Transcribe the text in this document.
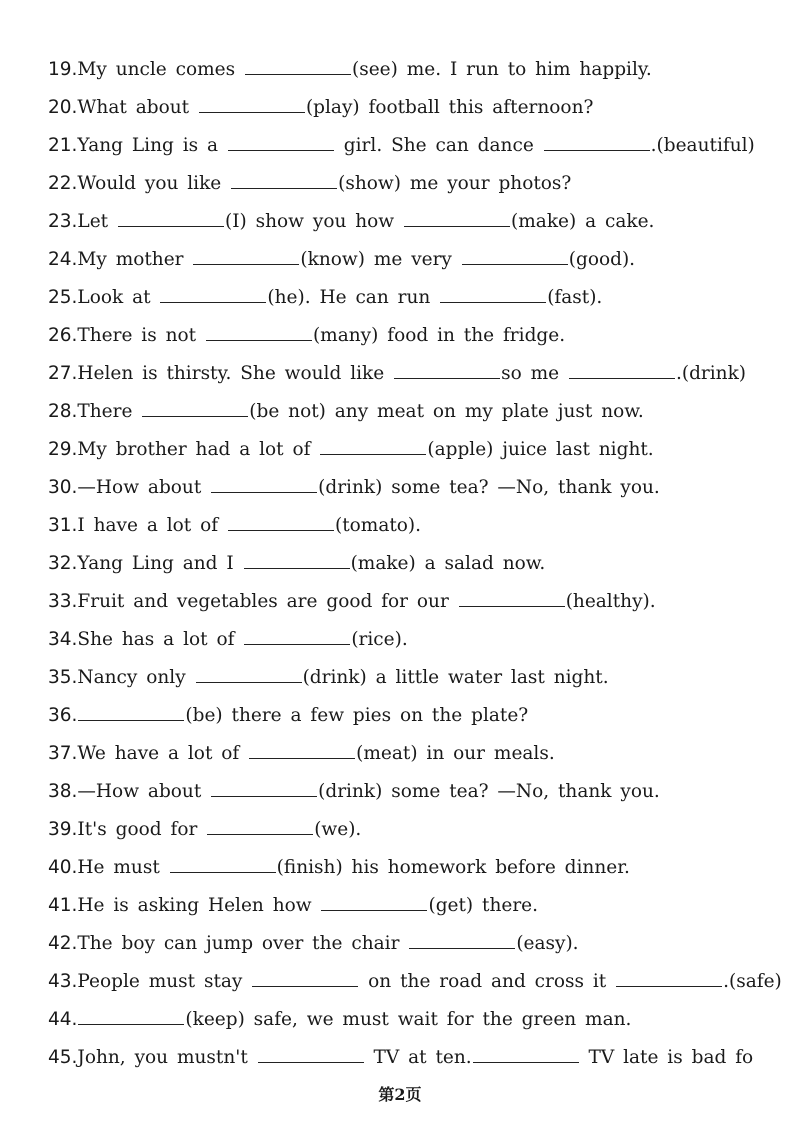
19.My uncle comes	(see) me. I run to him happily.
20.What about	(play) football this afternoon?
21.Yang Ling is a	girl. She can dance	.(beautiful)
22.Would you like	(show) me your photos?
23.Let	(I) show you how	(make) a cake.
24.My mother	(know) me very	(good).
25.Look at	(he). He can run	(fast).
26.There is not	(many) food in the fridge.
27.Helen is thirsty. She would like	so me	.(drink)
28.There	(be not) any meat on my plate just now.
29.My brother had a lot of	(apple) juice last night.
30.—How about	(drink) some tea? —No, thank you.
31.I have a lot of	(tomato).
32.Yang Ling and I	(make) a salad now.
33.Fruit and vegetables are good for our	(healthy).
34.She has a lot of	(rice).
35.Nancy only	(drink) a little water last night.
36.	(be) there a few pies on the plate?
37.We have a lot of	(meat) in our meals.
38.—How about	(drink) some tea? —No, thank you.
39.It's good for	(we).
40.He must	(finish) his homework before dinner.
41.He is asking Helen how	(get) there.
42.The boy can jump over the chair	(easy).
43.People must stay	on the road and cross it	.(safe)
44.	(keep) safe, we must wait for the green man.
45.John, you mustn't	TV at ten.	TV late is bad fo
第2页
